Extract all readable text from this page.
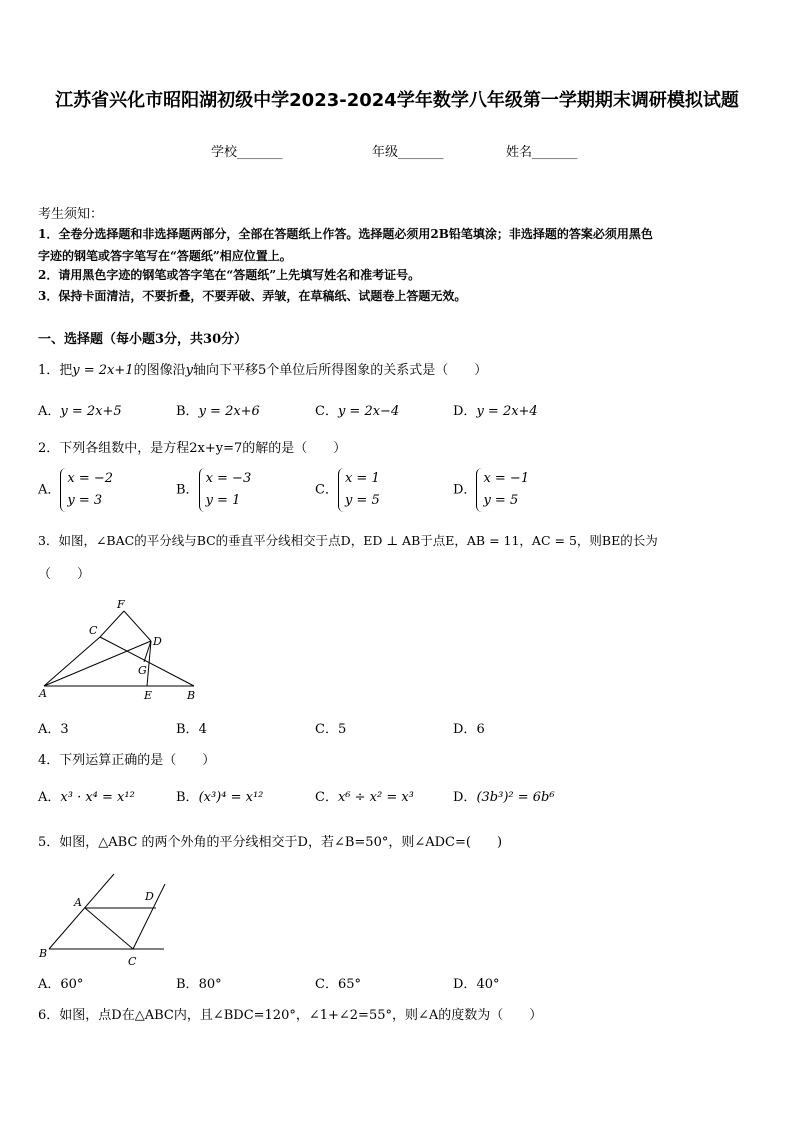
江苏省兴化市昭阳湖初级中学2023-2024学年数学八年级第一学期期末调研模拟试题
学校_______	年级_______	姓名_______
考生须知：
1．全卷分选择题和非选择题两部分，全部在答题纸上作答。选择题必须用2B铅笔填涂；非选择题的答案必须用黑色
字迹的钢笔或答字笔写在“答题纸”相应位置上。
2．请用黑色字迹的钢笔或答字笔在“答题纸”上先填写姓名和准考证号。
3．保持卡面清洁，不要折叠，不要弄破、弄皱，在草稿纸、试题卷上答题无效。
一、选择题（每小题3分，共30分）
1．把y = 2x+1的图像沿y轴向下平移5个单位后所得图象的关系式是（　　）
A．y = 2x+5	B．y = 2x+6	C．y = 2x−4	D．y = 2x+4
2．下列各组数中，是方程2x+y=7的解的是（　　）
A．x = −2
y = 3
B．x = −3
y = 1
C．x = 1
y = 5
D．x = −1
y = 5
3．如图，∠BAC的平分线与BC的垂直平分线相交于点D，ED ⊥ AB于点E，AB = 11，AC = 5，则BE的长为
（　　）
F
C
D
G
A	E	B
A．3	B．4	C．5	D．6
4．下列运算正确的是（　　）
A．x³ · x⁴ = x¹²	B．(x³)⁴ = x¹²	C．x⁶ ÷ x² = x³	D．(3b³)² = 6b⁶
5．如图，△ABC 的两个外角的平分线相交于D，若∠B=50°，则∠ADC=(　　)
A	D
B
C
A．60°	B．80°	C．65°	D．40°
6．如图，点D在△ABC内，且∠BDC=120°，∠1+∠2=55°，则∠A的度数为（　　）
